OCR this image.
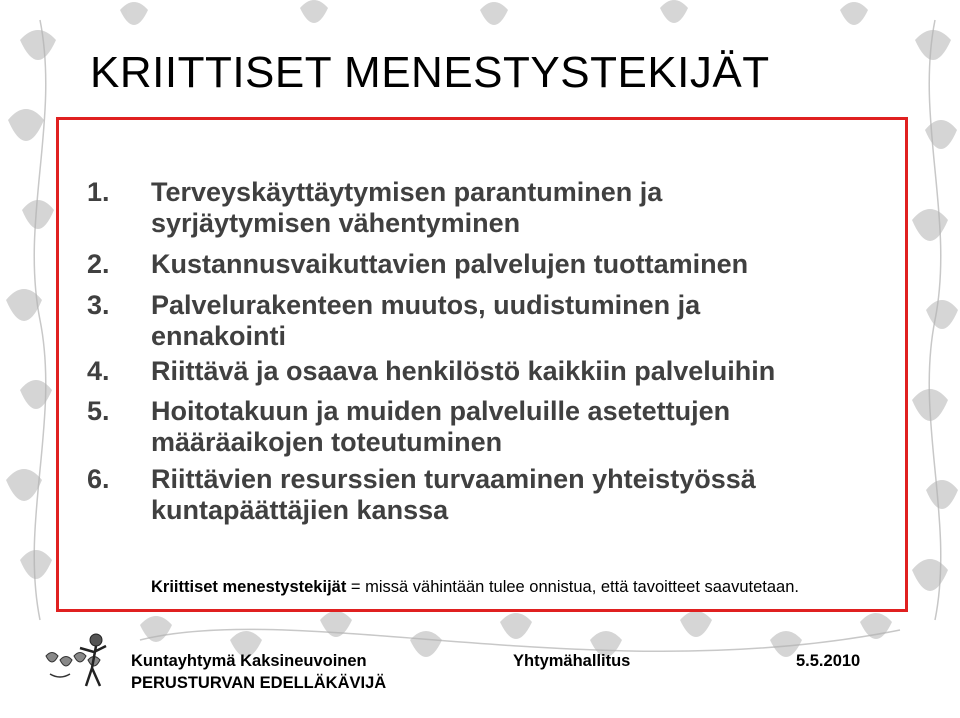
KRIITTISET MENESTYSTEKIJÄT
1. Terveyskäyttäytymisen parantuminen ja
syrjäytymisen vähentyminen
2. Kustannusvaikuttavien palvelujen tuottaminen
3. Palvelurakenteen muutos, uudistuminen ja
ennakointi
4. Riittävä ja osaava henkilöstö kaikkiin palveluihin
5. Hoitotakuun ja muiden palveluille asetettujen
määräaikojen toteutuminen
6. Riittävien resurssien turvaaminen yhteistyössä
kuntapäättäjien kanssa
Kriittiset menestystekijät = missä vähintään tulee onnistua, että tavoitteet saavutetaan.
Kuntayhtymä Kaksineuvoinen
PERUSTURVAN EDELLÄKÄVIJÄ
Yhtymähallitus	5.5.2010
